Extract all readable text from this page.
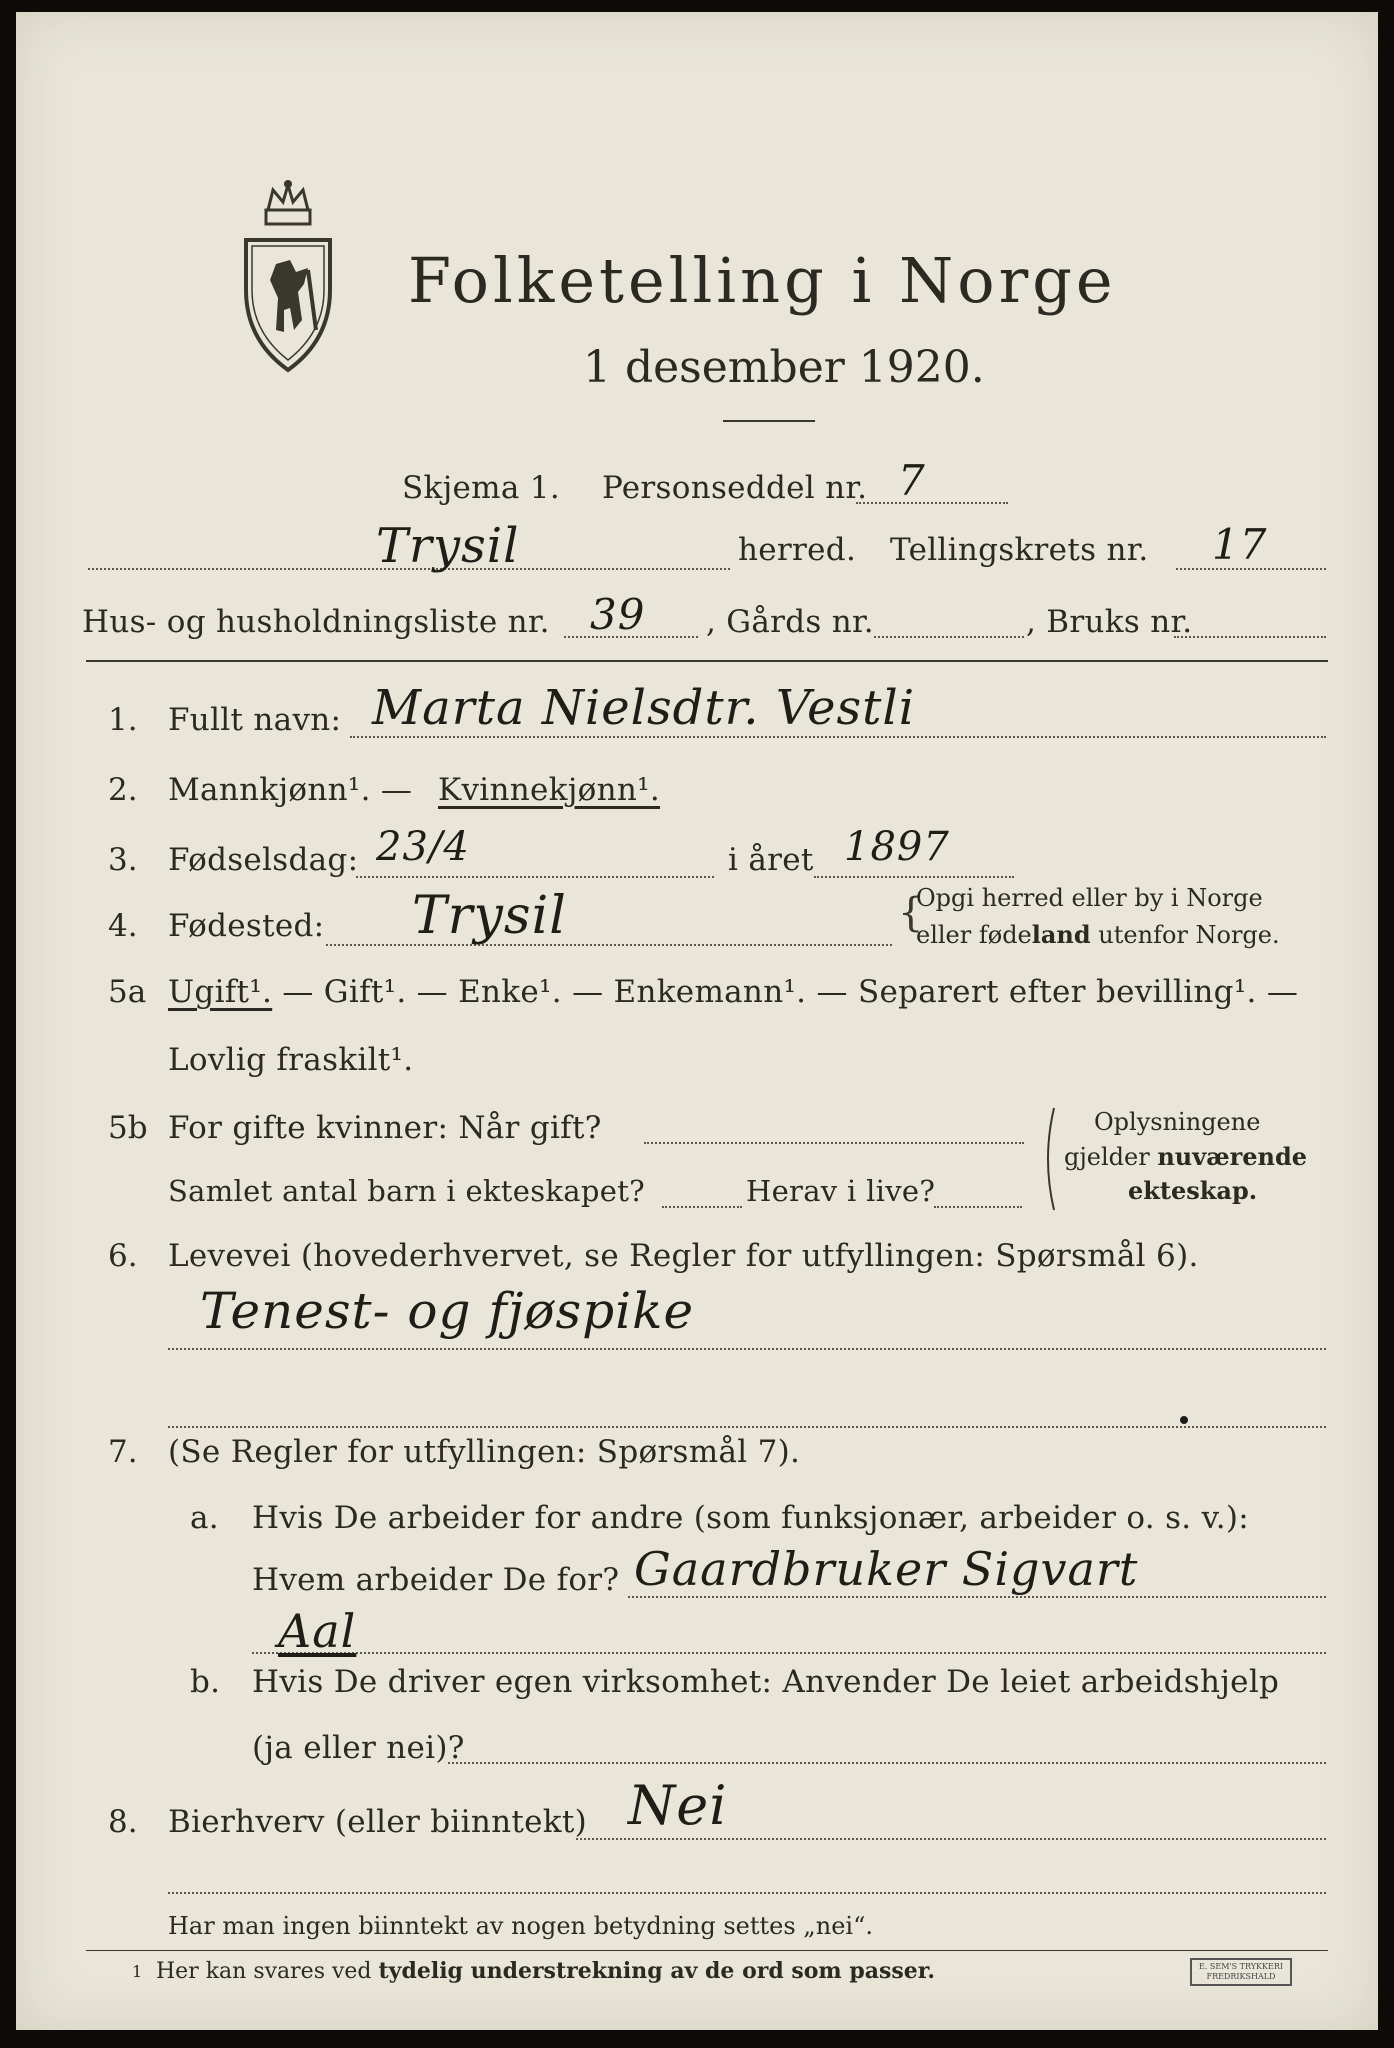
Folketelling i Norge
1 desember 1920.
Skjema 1. Personseddel nr. 7
Trysil	herred. Tellingskrets nr. 17
Hus- og husholdningsliste nr. 39 , Gårds nr.	, Bruks nr.
1. Fullt navn: Marta Nielsdtr. Vestli
2. Mannkjønn¹. — Kvinnekjønn¹.
3. Fødselsdag: 23/4	i året 1897
4. Fødested: Trysil	{
Opgi herred eller by i Norge
eller fødeland utenfor Norge.
5a Ugift¹. — Gift¹. — Enke¹. — Enkemann¹. — Separert efter bevilling¹. —
Lovlig fraskilt¹.
5b For gifte kvinner: Når gift?
Samlet antal barn i ekteskapet?	Herav i live?
Oplysningene
gjelder nuværende
ekteskap.
6. Levevei (hovederhvervet, se Regler for utfyllingen: Spørsmål 6).
Tenest- og fjøspike
7. (Se Regler for utfyllingen: Spørsmål 7).
a. Hvis De arbeider for andre (som funksjonær, arbeider o. s. v.):
Hvem arbeider De for? Gaardbruker Sigvart
Aal
b. Hvis De driver egen virksomhet: Anvender De leiet arbeidshjelp
(ja eller nei)?
8. Bierhverv (eller biinntekt) Nei
Har man ingen biinntekt av nogen betydning settes „nei“.
1 Her kan svares ved tydelig understrekning av de ord som passer.	E. SEM'S TRYKKERI
FREDRIKSHALD
